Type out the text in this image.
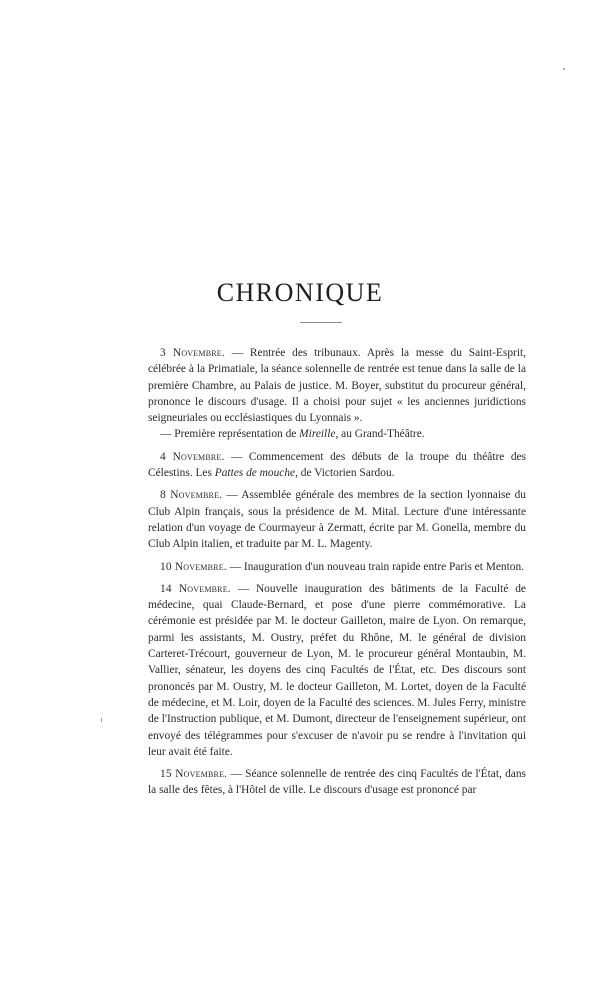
CHRONIQUE

3 Novembre. — Rentrée des tribunaux. Après la messe du Saint-Esprit, célébrée à la Primatiale, la séance solennelle de rentrée est tenue dans la salle de la première Chambre, au Palais de justice. M. Boyer, substitut du procureur général, prononce le discours d'usage. Il a choisi pour sujet « les anciennes juridictions seigneuriales ou ecclésiastiques du Lyonnais ».
— Première représentation de Mireille, au Grand-Théâtre.

4 Novembre. — Commencement des débuts de la troupe du théâtre des Célestins. Les Pattes de mouche, de Victorien Sardou.

8 Novembre. — Assemblée générale des membres de la section lyonnaise du Club Alpin français, sous la présidence de M. Mital. Lecture d'une intéressante relation d'un voyage de Courmayeur à Zermatt, écrite par M. Gonella, membre du Club Alpin italien, et traduite par M. L. Magenty.

10 Novembre. — Inauguration d'un nouveau train rapide entre Paris et Menton.

14 Novembre. — Nouvelle inauguration des bâtiments de la Faculté de médecine, quai Claude-Bernard, et pose d'une pierre commémorative. La cérémonie est présidée par M. le docteur Gailleton, maire de Lyon. On remarque, parmi les assistants, M. Oustry, préfet du Rhône, M. le général de division Carteret-Trécourt, gouverneur de Lyon, M. le procureur général Montaubin, M. Vallier, sénateur, les doyens des cinq Facultés de l'État, etc. Des discours sont prononcés par M. Oustry, M. le docteur Gailleton, M. Lortet, doyen de la Faculté de médecine, et M. Loir, doyen de la Faculté des sciences. M. Jules Ferry, ministre de l'Instruction publique, et M. Dumont, directeur de l'enseignement supérieur, ont envoyé des télégrammes pour s'excuser de n'avoir pu se rendre à l'invitation qui leur avait été faite.

15 Novembre. — Séance solennelle de rentrée des cinq Facultés de l'État, dans la salle des fêtes, à l'Hôtel de ville. Le discours d'usage est prononcé par
